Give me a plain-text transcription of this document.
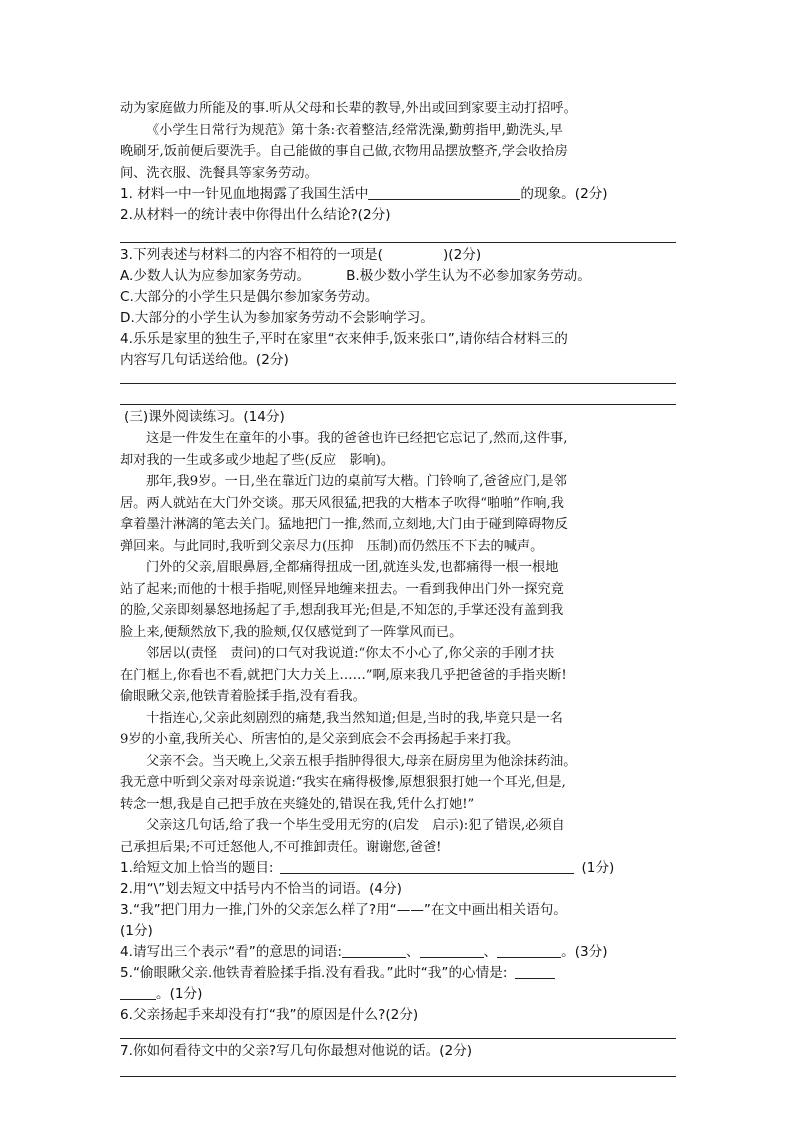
动为家庭做力所能及的事.听从父母和长辈的教导,外出或回到家要主动打招呼。
《小学生日常行为规范》第十条:衣着整洁,经常洗澡,勤剪指甲,勤洗头,早
晚刷牙,饭前便后要洗手。自己能做的事自己做,衣物用品摆放整齐,学会收拾房
间、洗衣服、洗餐具等家务劳动。
1. 材料一中一针见血地揭露了我国生活中	的现象。(2分)
2.从材料一的统计表中你得出什么结论?(2分)
3.下列表述与材料二的内容不相符的一项是(	)(2分)
A.少数人认为应参加家务劳动。	B.极少数小学生认为不必参加家务劳动。
C.大部分的小学生只是偶尔参加家务劳动。
D.大部分的小学生认为参加家务劳动不会影响学习。
4.乐乐是家里的独生子,平时在家里“衣来伸手,饭来张口”,请你结合材料三的
内容写几句话送给他。(2分)
(三)课外阅读练习。(14分)
这是一件发生在童年的小事。我的爸爸也许已经把它忘记了,然而,这件事,
却对我的一生或多或少地起了些(反应　影响)。
那年,我9岁。一日,坐在靠近门边的桌前写大楷。门铃响了,爸爸应门,是邻
居。两人就站在大门外交谈。那天风很猛,把我的大楷本子吹得“啪啪”作响,我
拿着墨汁淋漓的笔去关门。猛地把门一推,然而,立刻地,大门由于碰到障碍物反
弹回来。与此同时,我听到父亲尽力(压抑　压制)而仍然压不下去的喊声。
门外的父亲,眉眼鼻唇,全都痛得扭成一团,就连头发,也都痛得一根一根地
站了起来;而他的十根手指呢,则怪异地缠来扭去。一看到我伸出门外一探究竟
的脸,父亲即刻暴怒地扬起了手,想刮我耳光;但是,不知怎的,手掌还没有盖到我
脸上来,便颓然放下,我的脸颊,仅仅感觉到了一阵掌风而已。
邻居以(责怪　责问)的口气对我说道:“你太不小心了,你父亲的手刚才扶
在门框上,你看也不看,就把门大力关上……”啊,原来我几乎把爸爸的手指夹断!
偷眼瞅父亲,他铁青着脸揉手指,没有看我。
十指连心,父亲此刻剧烈的痛楚,我当然知道;但是,当时的我,毕竟只是一名
9岁的小童,我所关心、所害怕的,是父亲到底会不会再扬起手来打我。
父亲不会。当天晚上,父亲五根手指肿得很大,母亲在厨房里为他涂抹药油。
我无意中听到父亲对母亲说道:“我实在痛得极慘,原想狠狠打她一个耳光,但是,
转念一想,我是自己把手放在夹缝处的,错误在我,凭什么打她!”
父亲这几句话,给了我一个毕生受用无穷的(启发　启示):犯了错误,必须自
己承担后果;不可迁怒他人,不可推卸责任。谢谢您,爸爸!
1.给短文加上恰当的题目:	(1分)
2.用“\”划去短文中括号内不恰当的词语。(4分)
3.“我”把门用力一推,门外的父亲怎么样了?用“——”在文中画出相关语句。
(1分)
4.请写出三个表示“看”的意思的词语:	、	、	。(3分)
5.“偷眼瞅父亲.他铁青着脸揉手指.没有看我。”此时“我”的心情是:
。(1分)
6.父亲扬起手来却没有打“我”的原因是什么?(2分)
7.你如何看待文中的父亲?写几句你最想对他说的话。(2分)
